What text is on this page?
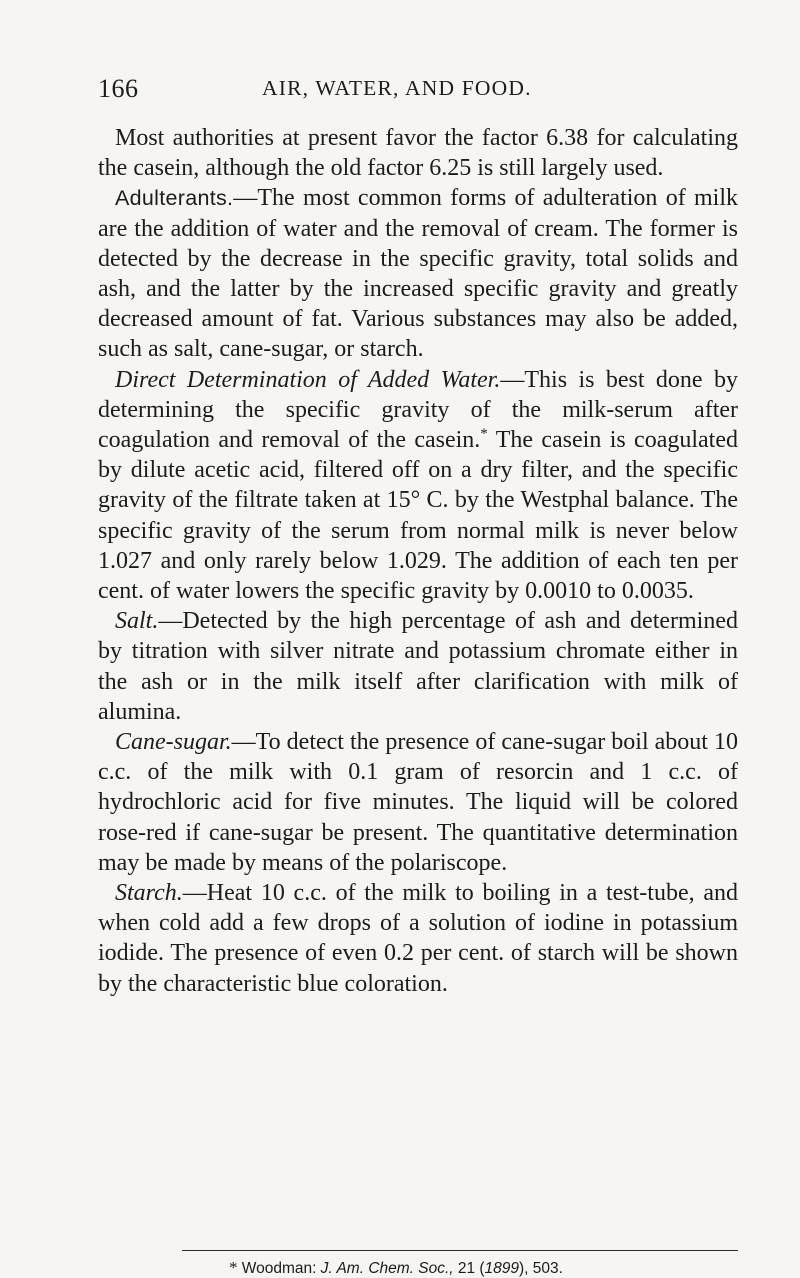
166	AIR, WATER, AND FOOD.

Most authorities at present favor the factor 6.38 for calculating the casein, although the old factor 6.25 is still largely used.

Adulterants.—The most common forms of adulteration of milk are the addition of water and the removal of cream. The former is detected by the decrease in the specific gravity, total solids and ash, and the latter by the increased specific gravity and greatly decreased amount of fat. Various substances may also be added, such as salt, cane-sugar, or starch.

Direct Determination of Added Water.—This is best done by determining the specific gravity of the milk-serum after coagulation and removal of the casein.* The casein is coagulated by dilute acetic acid, filtered off on a dry filter, and the specific gravity of the filtrate taken at 15° C. by the Westphal balance. The specific gravity of the serum from normal milk is never below 1.027 and only rarely below 1.029. The addition of each ten per cent. of water lowers the specific gravity by 0.0010 to 0.0035.

Salt.—Detected by the high percentage of ash and determined by titration with silver nitrate and potassium chromate either in the ash or in the milk itself after clarification with milk of alumina.

Cane-sugar.—To detect the presence of cane-sugar boil about 10 c.c. of the milk with 0.1 gram of resorcin and 1 c.c. of hydrochloric acid for five minutes. The liquid will be colored rose-red if cane-sugar be present. The quantitative determination may be made by means of the polariscope.

Starch.—Heat 10 c.c. of the milk to boiling in a test-tube, and when cold add a few drops of a solution of iodine in potassium iodide. The presence of even 0.2 per cent. of starch will be shown by the characteristic blue coloration.

* Woodman: J. Am. Chem. Soc., 21 (1899), 503.
